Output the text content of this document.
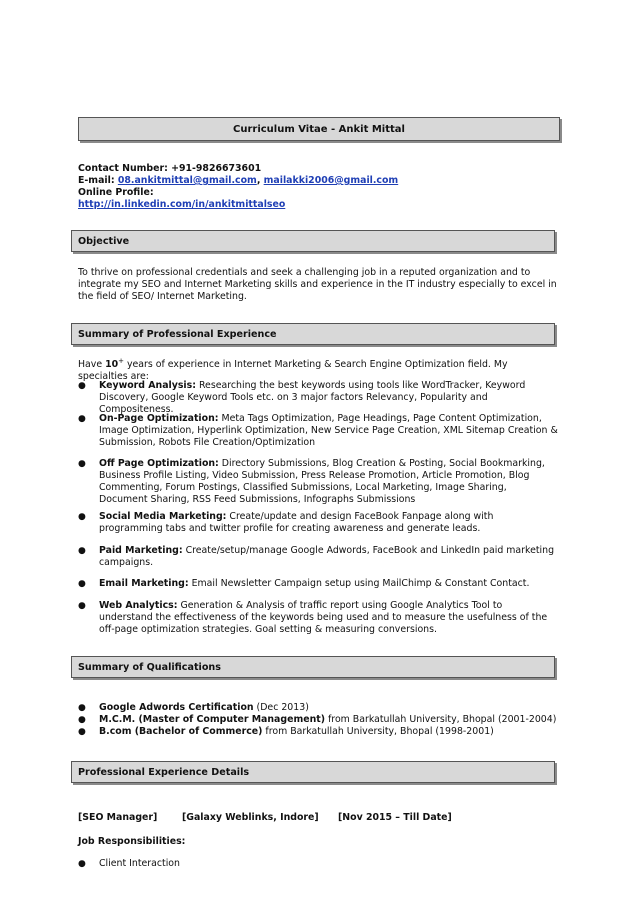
Curriculum Vitae - Ankit Mittal
Contact Number: +91-9826673601
E-mail: 08.ankitmittal@gmail.com, mailakki2006@gmail.com
Online Profile:
http://in.linkedin.com/in/ankitmittalseo
Objective
To thrive on professional credentials and seek a challenging job in a reputed organization and to integrate my SEO and Internet Marketing skills and experience in the IT industry especially to excel in the field of SEO/ Internet Marketing.
Summary of Professional Experience
Have 10+ years of experience in Internet Marketing & Search Engine Optimization field. My specialties are:
● Keyword Analysis: Researching the best keywords using tools like WordTracker, Keyword Discovery, Google Keyword Tools etc. on 3 major factors Relevancy, Popularity and Compositeness.
● On-Page Optimization: Meta Tags Optimization, Page Headings, Page Content Optimization, Image Optimization, Hyperlink Optimization, New Service Page Creation, XML Sitemap Creation & Submission, Robots File Creation/Optimization
● Off Page Optimization: Directory Submissions, Blog Creation & Posting, Social Bookmarking, Business Profile Listing, Video Submission, Press Release Promotion, Article Promotion, Blog Commenting, Forum Postings, Classified Submissions, Local Marketing, Image Sharing, Document Sharing, RSS Feed Submissions, Infographs Submissions
● Social Media Marketing: Create/update and design FaceBook Fanpage along with programming tabs and twitter profile for creating awareness and generate leads.
● Paid Marketing: Create/setup/manage Google Adwords, FaceBook and LinkedIn paid marketing campaigns.
● Email Marketing: Email Newsletter Campaign setup using MailChimp & Constant Contact.
● Web Analytics: Generation & Analysis of traffic report using Google Analytics Tool to understand the effectiveness of the keywords being used and to measure the usefulness of the off-page optimization strategies. Goal setting & measuring conversions.
Summary of Qualifications
● Google Adwords Certification (Dec 2013)
● M.C.M. (Master of Computer Management) from Barkatullah University, Bhopal (2001-2004)
● B.com (Bachelor of Commerce) from Barkatullah University, Bhopal (1998-2001)
Professional Experience Details
[SEO Manager]	[Galaxy Weblinks, Indore] [Nov 2015 – Till Date]
Job Responsibilities:
● Client Interaction
